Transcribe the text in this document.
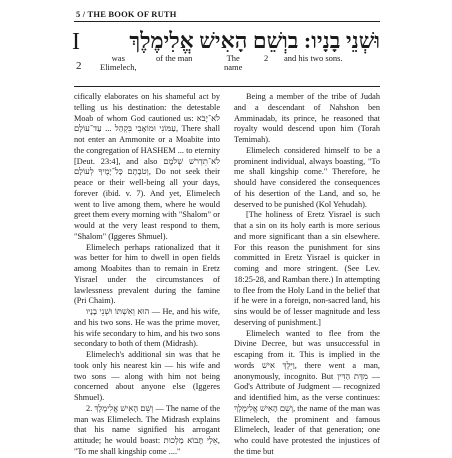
5 / THE BOOK OF RUTH
I
2
וּשְׁנֵי בָנָיו: בוְשֵׁם הָאִישׁ אֱלִימֶלֶךְ
was
Elimelech,
of the man	The
name
2 and his two sons.

cifically elaborates on his shameful act by telling us his destination: the detestable Moab of whom God cautioned us: לֹא־יָבֹא עַמּוֹנִי וּמוֹאָבִי בִּקְהַל ... עַד־עוֹלָם, There shall not enter an Ammonite or a Moabite into the congregation of HASHEM ... to eternity [Deut. 23:4], and also לֹא־תִדְרֹשׁ שְׁלֹמָם וְטֹבָתָם כָּל־יָמֶיךָ לְעוֹלָם, Do not seek their peace or their well-being all your days, forever (ibid. v. 7). And yet, Elimelech went to live among them, where he would greet them every morning with "Shalom" or would at the very least respond to them, "Shalom" (Iggeres Shmuel).

Elimelech perhaps rationalized that it was better for him to dwell in open fields among Moabites than to remain in Eretz Yisrael under the circumstances of lawlessness prevalent during the famine (Pri Chaim).

הוּא וְאִשְׁתּוֹ וּשְׁנֵי בָנָיו — He, and his wife, and his two sons. He was the prime mover, his wife secondary to him, and his two sons secondary to both of them (Midrash).

Elimelech's additional sin was that he took only his nearest kin — his wife and two sons — along with him not being concerned about anyone else (Iggeres Shmuel).

2. וְשֵׁם הָאִישׁ אֱלִימֶלֶךְ — The name of the man was Elimelech. The Midrash explains that his name signified his arrogant attitude; he would boast: אֵלַי תָּבוֹא מַלְכוּת, "To me shall kingship come ...."

Being a member of the tribe of Judah and a descendant of Nahshon ben Amminadab, its prince, he reasoned that royalty would descend upon him (Torah Temimah).

Elimelech considered himself to be a prominent individual, always boasting, "To me shall kingship come." Therefore, he should have considered the consequences of his desertion of the Land, and so, he deserved to be punished (Kol Yehudah).

[The holiness of Eretz Yisrael is such that a sin on its holy earth is more serious and more significant than a sin elsewhere. For this reason the punishment for sins committed in Eretz Yisrael is quicker in coming and more stringent. (See Lev. 18:25-28, and Ramban there.) In attempting to flee from the Holy Land in the belief that if he were in a foreign, non-sacred land, his sins would be of lesser magnitude and less deserving of punishment.]

Elimelech wanted to flee from the Divine Decree, but was unsuccessful in escaping from it. This is implied in the words וַיֵּלֶךְ אִישׁ, there went a man, anonymously, incognito. But מִדַּת הַדִּין — God's Attribute of Judgment — recognized and identified him, as the verse continues: וְשֵׁם הָאִישׁ אֱלִימֶלֶךְ, the name of the man was Elimelech, the prominent and famous Elimelech, leader of that generation; one who could have protested the injustices of the time but
